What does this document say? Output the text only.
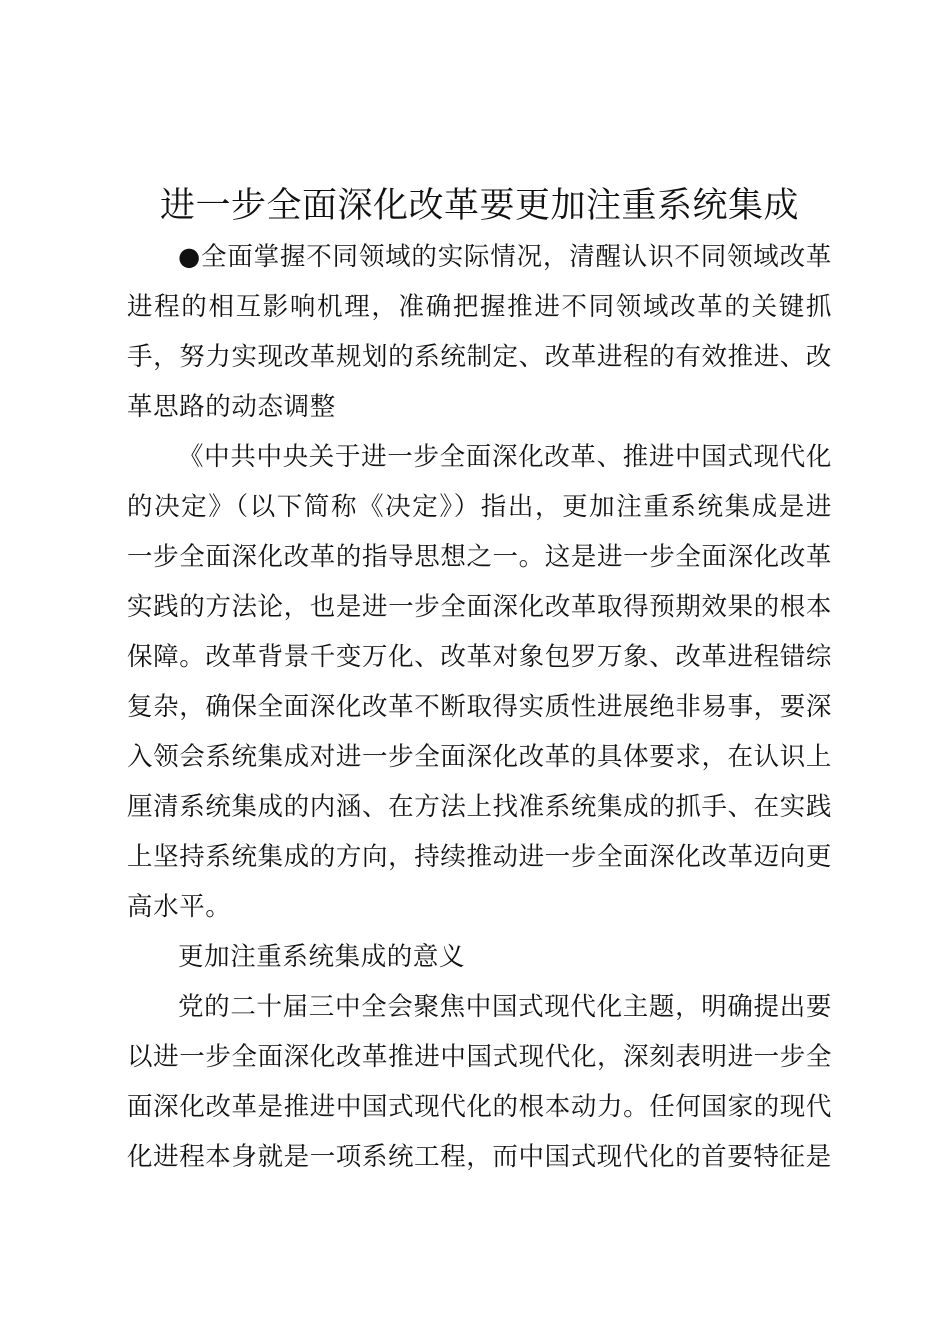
进一步全面深化改革要更加注重系统集成

●全面掌握不同领域的实际情况，清醒认识不同领域改革进程的相互影响机理，准确把握推进不同领域改革的关键抓手，努力实现改革规划的系统制定、改革进程的有效推进、改革思路的动态调整

《中共中央关于进一步全面深化改革、推进中国式现代化的决定》（以下简称《决定》）指出，更加注重系统集成是进一步全面深化改革的指导思想之一。这是进一步全面深化改革实践的方法论，也是进一步全面深化改革取得预期效果的根本保障。改革背景千变万化、改革对象包罗万象、改革进程错综复杂，确保全面深化改革不断取得实质性进展绝非易事，要深入领会系统集成对进一步全面深化改革的具体要求，在认识上厘清系统集成的内涵、在方法上找准系统集成的抓手、在实践上坚持系统集成的方向，持续推动进一步全面深化改革迈向更高水平。

更加注重系统集成的意义

党的二十届三中全会聚焦中国式现代化主题，明确提出要以进一步全面深化改革推进中国式现代化，深刻表明进一步全面深化改革是推进中国式现代化的根本动力。任何国家的现代化进程本身就是一项系统工程，而中国式现代化的首要特征是
